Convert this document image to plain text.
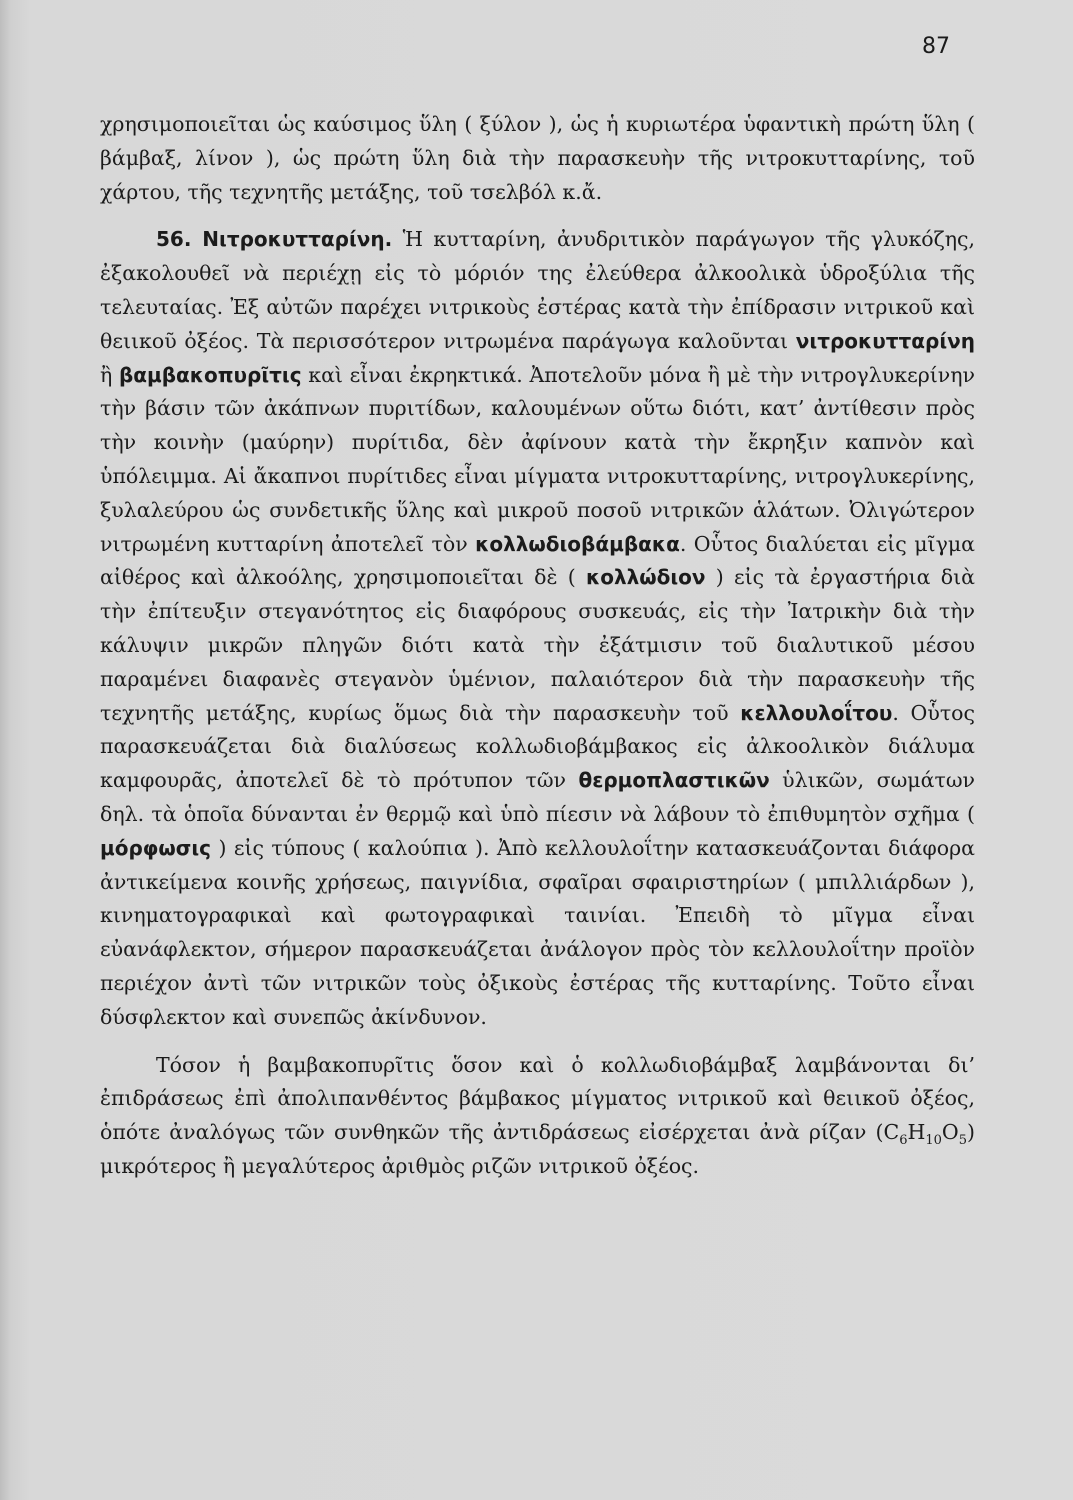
87

χρησιμοποιεῖται ὡς καύσιμος ὕλη ( ξύλον ), ὡς ἡ κυριωτέρα ὑφαντικὴ πρώτη ὕλη ( βάμβαξ, λίνον ), ὡς πρώτη ὕλη διὰ τὴν παρασκευὴν τῆς νιτροκυτταρίνης, τοῦ χάρτου, τῆς τεχνητῆς μετάξης, τοῦ τσελβόλ κ.ἄ.

56. Νιτροκυτταρίνη. Ἡ κυτταρίνη, ἀνυδριτικὸν παράγωγον τῆς γλυκόζης, ἐξακολουθεῖ νὰ περιέχῃ εἰς τὸ μόριόν της ἐλεύθερα ἀλκοολικὰ ὑδροξύλια τῆς τελευταίας. Ἐξ αὐτῶν παρέχει νιτρικοὺς ἐστέρας κατὰ τὴν ἐπίδρασιν νιτρικοῦ καὶ θειικοῦ ὀξέος. Τὰ περισσότερον νιτρωμένα παράγωγα καλοῦνται νιτροκυτταρίνη ἢ βαμβακοπυρῖτις καὶ εἶναι ἐκρηκτικά. Ἀποτελοῦν μόνα ἢ μὲ τὴν νιτρογλυκερίνην τὴν βάσιν τῶν ἀκάπνων πυριτίδων, καλουμένων οὕτω διότι, κατ’ ἀντίθεσιν πρὸς τὴν κοινὴν (μαύρην) πυρίτιδα, δὲν ἀφίνουν κατὰ τὴν ἔκρηξιν καπνὸν καὶ ὑπόλειμμα. Αἱ ἄκαπνοι πυρίτιδες εἶναι μίγματα νιτροκυτταρίνης, νιτρογλυκερίνης, ξυλαλεύρου ὡς συνδετικῆς ὕλης καὶ μικροῦ ποσοῦ νιτρικῶν ἁλάτων. Ὀλιγώτερον νιτρωμένη κυτταρίνη ἀποτελεῖ τὸν κολλωδιοβάμβακα. Οὗτος διαλύεται εἰς μῖγμα αἰθέρος καὶ ἀλκοόλης, χρησιμοποιεῖται δὲ ( κολλώδιον ) εἰς τὰ ἐργαστήρια διὰ τὴν ἐπίτευξιν στεγανότητος εἰς διαφόρους συσκευάς, εἰς τὴν Ἰατρικὴν διὰ τὴν κάλυψιν μικρῶν πληγῶν διότι κατὰ τὴν ἐξάτμισιν τοῦ διαλυτικοῦ μέσου παραμένει διαφανὲς στεγανὸν ὑμένιον, παλαιότερον διὰ τὴν παρασκευὴν τῆς τεχνητῆς μετάξης, κυρίως ὅμως διὰ τὴν παρασκευὴν τοῦ κελλουλοΐτου. Οὗτος παρασκευάζεται διὰ διαλύσεως κολλωδιοβάμβακος εἰς ἀλκοολικὸν διάλυμα καμφουρᾶς, ἀποτελεῖ δὲ τὸ πρότυπον τῶν θερμοπλαστικῶν ὑλικῶν, σωμάτων δηλ. τὰ ὁποῖα δύνανται ἐν θερμῷ καὶ ὑπὸ πίεσιν νὰ λάβουν τὸ ἐπιθυμητὸν σχῆμα ( μόρφωσις ) εἰς τύπους ( καλούπια ). Ἀπὸ κελλουλοΐτην κατασκευάζονται διάφορα ἀντικείμενα κοινῆς χρήσεως, παιγνίδια, σφαῖραι σφαιριστηρίων ( μπιλλιάρδων ), κινηματογραφικαὶ καὶ φωτογραφικαὶ ταινίαι. Ἐπειδὴ τὸ μῖγμα εἶναι εὐανάφλεκτον, σήμερον παρασκευάζεται ἀνάλογον πρὸς τὸν κελλουλοΐτην προϊὸν περιέχον ἀντὶ τῶν νιτρικῶν τοὺς ὀξικοὺς ἐστέρας τῆς κυτταρίνης. Τοῦτο εἶναι δύσφλεκτον καὶ συνεπῶς ἀκίνδυνον.

Τόσον ἡ βαμβακοπυρῖτις ὅσον καὶ ὁ κολλωδιοβάμβαξ λαμβάνονται δι’ ἐπιδράσεως ἐπὶ ἀπολιπανθέντος βάμβακος μίγματος νιτρικοῦ καὶ θειικοῦ ὀξέος, ὁπότε ἀναλόγως τῶν συνθηκῶν τῆς ἀντιδράσεως εἰσέρχεται ἀνὰ ρίζαν $(C_6H_{10}O_5)$ μικρότερος ἢ μεγαλύτερος ἀριθμὸς ριζῶν νιτρικοῦ ὀξέος.
